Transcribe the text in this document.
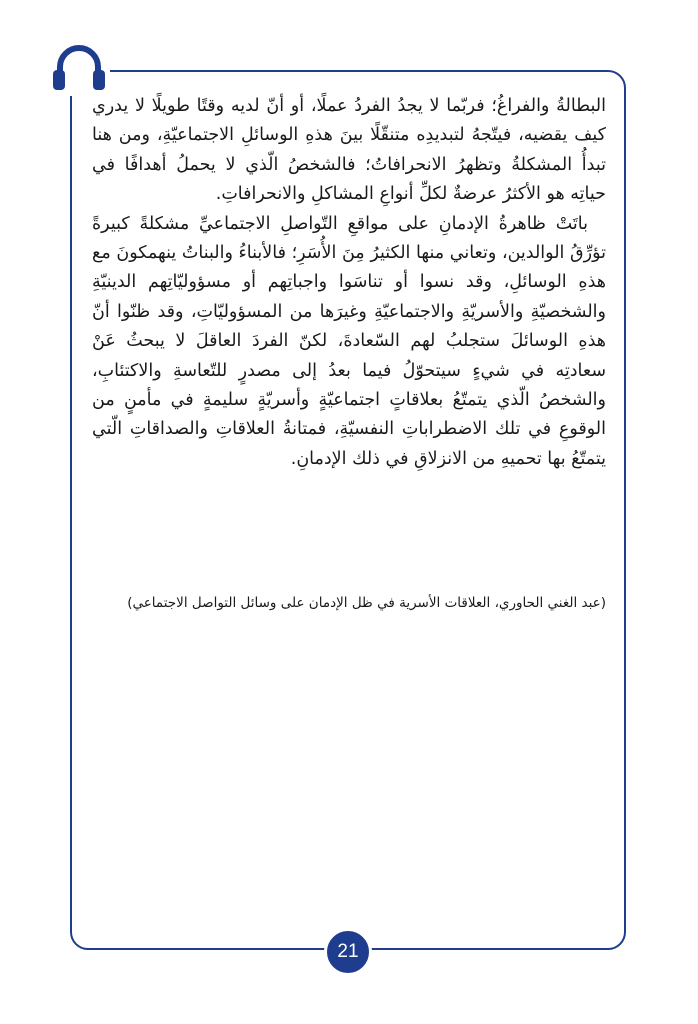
البطالةُ والفراغُ؛ فربّما لا يجدُ الفردُ عملًا، أو أنّ لديه وقتًا طويلًا لا يدري كيف يقضيه، فيتّجهُ لتبديدِه متنقّلًا بينَ هذهِ الوسائلِ الاجتماعيّةِ، ومن هنا تبدأُ المشكلةُ وتظهرُ الانحرافاتُ؛ فالشخصُ الّذي لا يحملُ أهدافًا في حياتِه هو الأكثرُ عرضةٌ لكلِّ أنواعِ المشاكلِ والانحرافاتِ.

باتَتْ ظاهرةُ الإدمانِ على مواقعِ التّواصلِ الاجتماعيِّ مشكلةً كبيرةً تؤرِّقُ الوالدين، وتعاني منها الكثيرُ مِنَ الأُسَرِ؛ فالأبناءُ والبناتُ ينهمكونَ مع هذهِ الوسائلِ، وقد نسوا أو تناسَوا واجباتِهم أو مسؤوليّاتِهم الدينيّةِ والشخصيّةِ والأسريّةِ والاجتماعيّةِ وغيرَها من المسؤوليّاتِ، وقد ظنّوا أنّ هذهِ الوسائلَ ستجلبُ لهم السّعادةَ، لكنّ الفردَ العاقلَ لا يبحثُ عَنْ سعادتِه في شيءٍ سيتحوّلُ فيما بعدُ إلى مصدرٍ للتّعاسةِ والاكتئابِ، والشخصُ الّذي يتمتّعُ بعلاقاتٍ اجتماعيّةٍ وأسريّةٍ سليمةٍ في مأمنٍ من الوقوعِ في تلك الاضطراباتِ النفسيّةِ، فمتانةُ العلاقاتِ والصداقاتِ الّتي يتمتّعُ بها تحميهِ من الانزلاقِ في ذلك الإدمانِ.

(عبد الغني الحاوري، العلاقات الأسرية في ظل الإدمان على وسائل التواصل الاجتماعي)
21
